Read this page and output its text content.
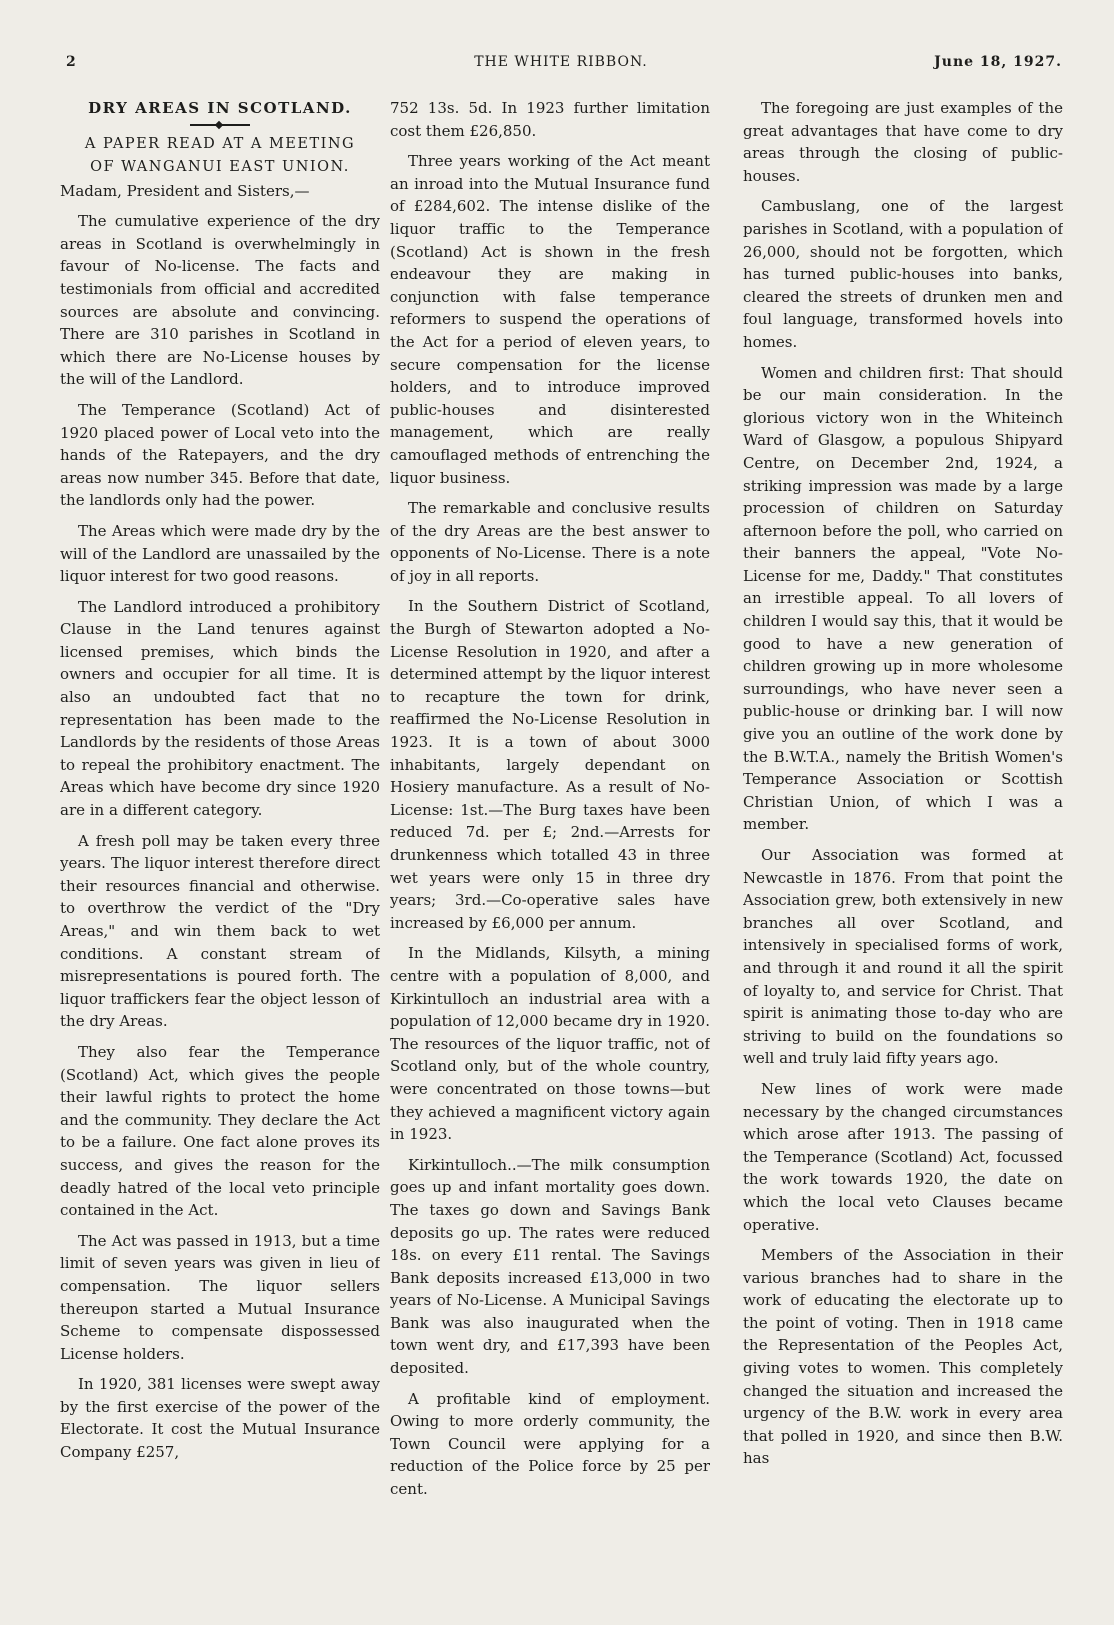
2	THE WHITE RIBBON.	June 18, 1927.
DRY AREAS IN SCOTLAND.
A PAPER READ AT A MEETING
OF WANGANUI EAST UNION.

Madam, President and Sisters,—

The cumulative experience of the dry areas in Scotland is overwhelmingly in favour of No-license. The facts and testimonials from official and accredited sources are absolute and convincing. There are 310 parishes in Scotland in which there are No-License houses by the will of the Landlord.

The Temperance (Scotland) Act of 1920 placed power of Local veto into the hands of the Ratepayers, and the dry areas now number 345. Before that date, the landlords only had the power.

The Areas which were made dry by the will of the Landlord are unassailed by the liquor interest for two good reasons.

The Landlord introduced a prohibitory Clause in the Land tenures against licensed premises, which binds the owners and occupier for all time. It is also an undoubted fact that no representation has been made to the Landlords by the residents of those Areas to repeal the prohibitory enactment. The Areas which have become dry since 1920 are in a different category.

A fresh poll may be taken every three years. The liquor interest therefore direct their resources financial and otherwise. to overthrow the verdict of the "Dry Areas," and win them back to wet conditions. A constant stream of misrepresentations is poured forth. The liquor traffickers fear the object lesson of the dry Areas.

They also fear the Temperance (Scotland) Act, which gives the people their lawful rights to protect the home and the community. They declare the Act to be a failure. One fact alone proves its success, and gives the reason for the deadly hatred of the local veto principle contained in the Act.

The Act was passed in 1913, but a time limit of seven years was given in lieu of compensation. The liquor sellers thereupon started a Mutual Insurance Scheme to compensate dispossessed License holders.

In 1920, 381 licenses were swept away by the first exercise of the power of the Electorate. It cost the Mutual Insurance Company £257,

752 13s. 5d. In 1923 further limitation cost them £26,850.

Three years working of the Act meant an inroad into the Mutual Insurance fund of £284,602. The intense dislike of the liquor traffic to the Temperance (Scotland) Act is shown in the fresh endeavour they are making in conjunction with false temperance reformers to suspend the operations of the Act for a period of eleven years, to secure compensation for the license holders, and to introduce improved public-houses and disinterested management, which are really camouflaged methods of entrenching the liquor business.

The remarkable and conclusive results of the dry Areas are the best answer to opponents of No-License. There is a note of joy in all reports.

In the Southern District of Scotland, the Burgh of Stewarton adopted a No-License Resolution in 1920, and after a determined attempt by the liquor interest to recapture the town for drink, reaffirmed the No-License Resolution in 1923. It is a town of about 3000 inhabitants, largely dependant on Hosiery manufacture. As a result of No-License: 1st.—The Burg taxes have been reduced 7d. per £; 2nd.—Arrests for drunkenness which totalled 43 in three wet years were only 15 in three dry years; 3rd.—Co-operative sales have increased by £6,000 per annum.

In the Midlands, Kilsyth, a mining centre with a population of 8,000, and Kirkintulloch an industrial area with a population of 12,000 became dry in 1920. The resources of the liquor traffic, not of Scotland only, but of the whole country, were concentrated on those towns—but they achieved a magnificent victory again in 1923.

Kirkintulloch..—The milk consumption goes up and infant mortality goes down. The taxes go down and Savings Bank deposits go up. The rates were reduced 18s. on every £11 rental. The Savings Bank deposits increased £13,000 in two years of No-License. A Municipal Savings Bank was also inaugurated when the town went dry, and £17,393 have been deposited.

A profitable kind of employment. Owing to more orderly community, the Town Council were applying for a reduction of the Police force by 25 per cent.

The foregoing are just examples of the great advantages that have come to dry areas through the closing of public-houses.

Cambuslang, one of the largest parishes in Scotland, with a population of 26,000, should not be forgotten, which has turned public-houses into banks, cleared the streets of drunken men and foul language, transformed hovels into homes.

Women and children first: That should be our main consideration. In the glorious victory won in the Whiteinch Ward of Glasgow, a populous Shipyard Centre, on December 2nd, 1924, a striking impression was made by a large procession of children on Saturday afternoon before the poll, who carried on their banners the appeal, "Vote No-License for me, Daddy." That constitutes an irrestible appeal. To all lovers of children I would say this, that it would be good to have a new generation of children growing up in more wholesome surroundings, who have never seen a public-house or drinking bar. I will now give you an outline of the work done by the B.W.T.A., namely the British Women's Temperance Association or Scottish Christian Union, of which I was a member.

Our Association was formed at Newcastle in 1876. From that point the Association grew, both extensively in new branches all over Scotland, and intensively in specialised forms of work, and through it and round it all the spirit of loyalty to, and service for Christ. That spirit is animating those to-day who are striving to build on the foundations so well and truly laid fifty years ago.

New lines of work were made necessary by the changed circumstances which arose after 1913. The passing of the Temperance (Scotland) Act, focussed the work towards 1920, the date on which the local veto Clauses became operative.

Members of the Association in their various branches had to share in the work of educating the electorate up to the point of voting. Then in 1918 came the Representation of the Peoples Act, giving votes to women. This completely changed the situation and increased the urgency of the B.W. work in every area that polled in 1920, and since then B.W. has
